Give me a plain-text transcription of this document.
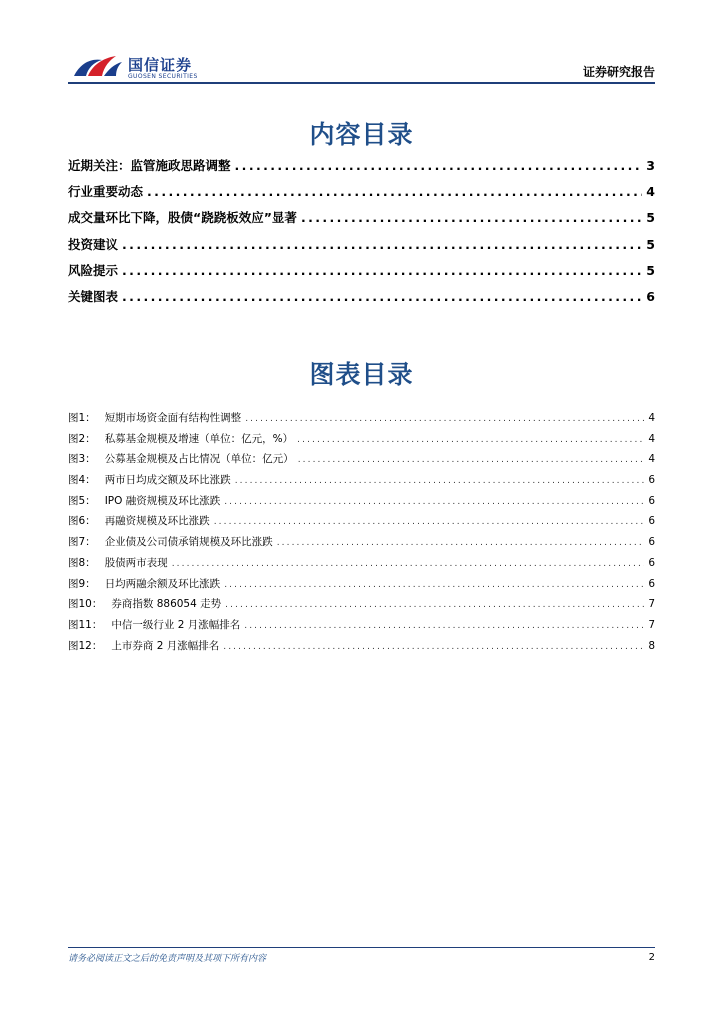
国信证券
GUOSEN SECURITIES	证券研究报告
内容目录
近期关注：监管施政思路调整 .....	3
行业重要动态 .....	4
成交量环比下降，股债“跷跷板效应”显著 .....	5
投资建议 .....	5
风险提示 .....	5
关键图表 .....	6
图表目录
图1： 短期市场资金面有结构性调整 .....	4
图2： 私募基金规模及增速（单位：亿元，%） .....	4
图3： 公募基金规模及占比情况（单位：亿元） .....	4
图4： 两市日均成交额及环比涨跌 .....	6
图5： IPO 融资规模及环比涨跌 .....	6
图6： 再融资规模及环比涨跌 .....	6
图7： 企业债及公司债承销规模及环比涨跌 .....	6
图8： 股债两市表现 .....	6
图9： 日均两融余额及环比涨跌 .....	6
图10： 券商指数 886054 走势 .....	7
图11： 中信一级行业 2 月涨幅排名 .....	7
图12： 上市券商 2 月涨幅排名 .....	8
请务必阅读正文之后的免责声明及其项下所有内容	2
